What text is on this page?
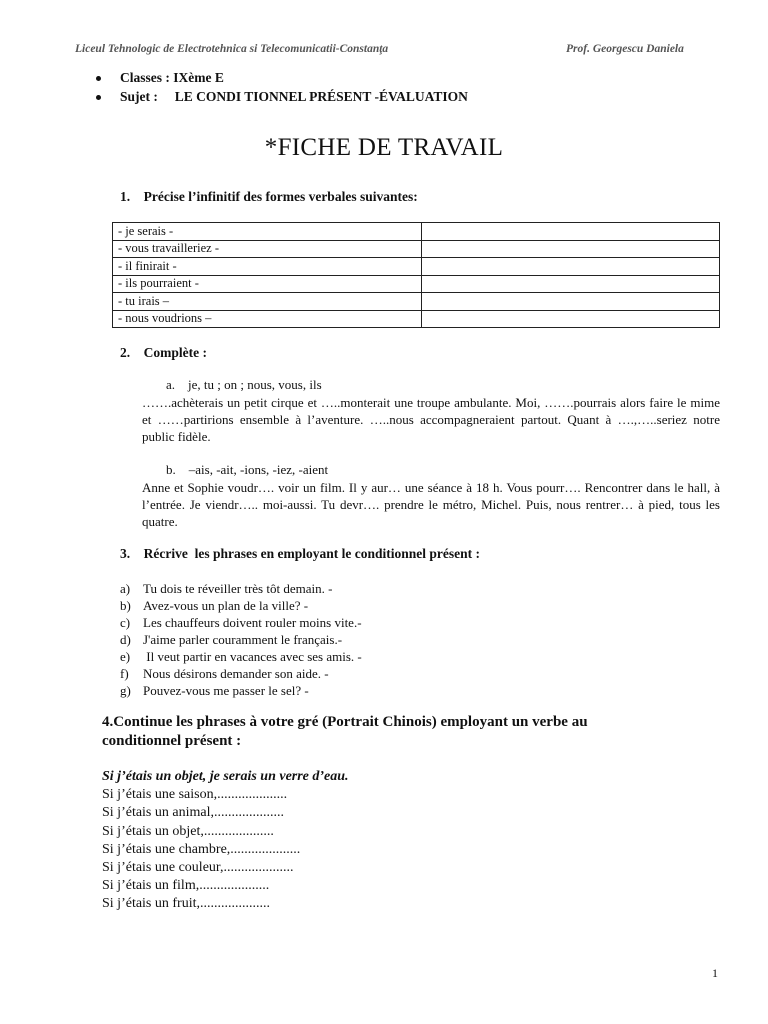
Liceul Tehnologic de Electrotehnica si Telecomunicatii-Constanţa	Prof. Georgescu Daniela
Classes : IXème E
Sujet :     LE CONDI TIONNEL PRÉSENT -ÉVALUATION
*FICHE DE TRAVAIL
1.    Précise l’infinitif des formes verbales suivantes:
- je serais -	
- vous travailleriez -	
- il finirait -	
- ils pourraient -	
- tu irais –	
- nous voudrions –	
2.    Complète :
a.    je, tu ; on ; nous, vous, ils
…….achèterais un petit cirque et …..monterait une troupe ambulante. Moi, …….pourrais alors faire le mime et ……partirions ensemble à l’aventure. …..nous accompagneraient partout. Quant à ….,…..seriez notre public fidèle.
b.    –ais, -ait, -ions, -iez, -aient
Anne et Sophie voudr…. voir un film. Il y aur… une séance à 18 h. Vous pourr…. Rencontrer dans le hall, à l’entrée. Je viendr….. moi-aussi. Tu devr…. prendre le métro, Michel. Puis, nous rentrer… à pied, tous les quatre.
3.    Récrive  les phrases en employant le conditionnel présent :
a) Tu dois te réveiller très tôt demain. -
b) Avez-vous un plan de la ville? -
c) Les chauffeurs doivent rouler moins vite.-
d) J'aime parler couramment le français.-
e) Il veut partir en vacances avec ses amis. -
f) Nous désirons demander son aide. -
g) Pouvez-vous me passer le sel? -
4.Continue les phrases à votre gré (Portrait Chinois) employant un verbe au conditionnel présent :
Si j’étais un objet, je serais un verre d’eau.
Si j’étais une saison,....................
Si j’étais un animal,....................
Si j’étais un objet,....................
Si j’étais une chambre,....................
Si j’étais une couleur,....................
Si j’étais un film,....................
Si j’étais un fruit,....................
1
